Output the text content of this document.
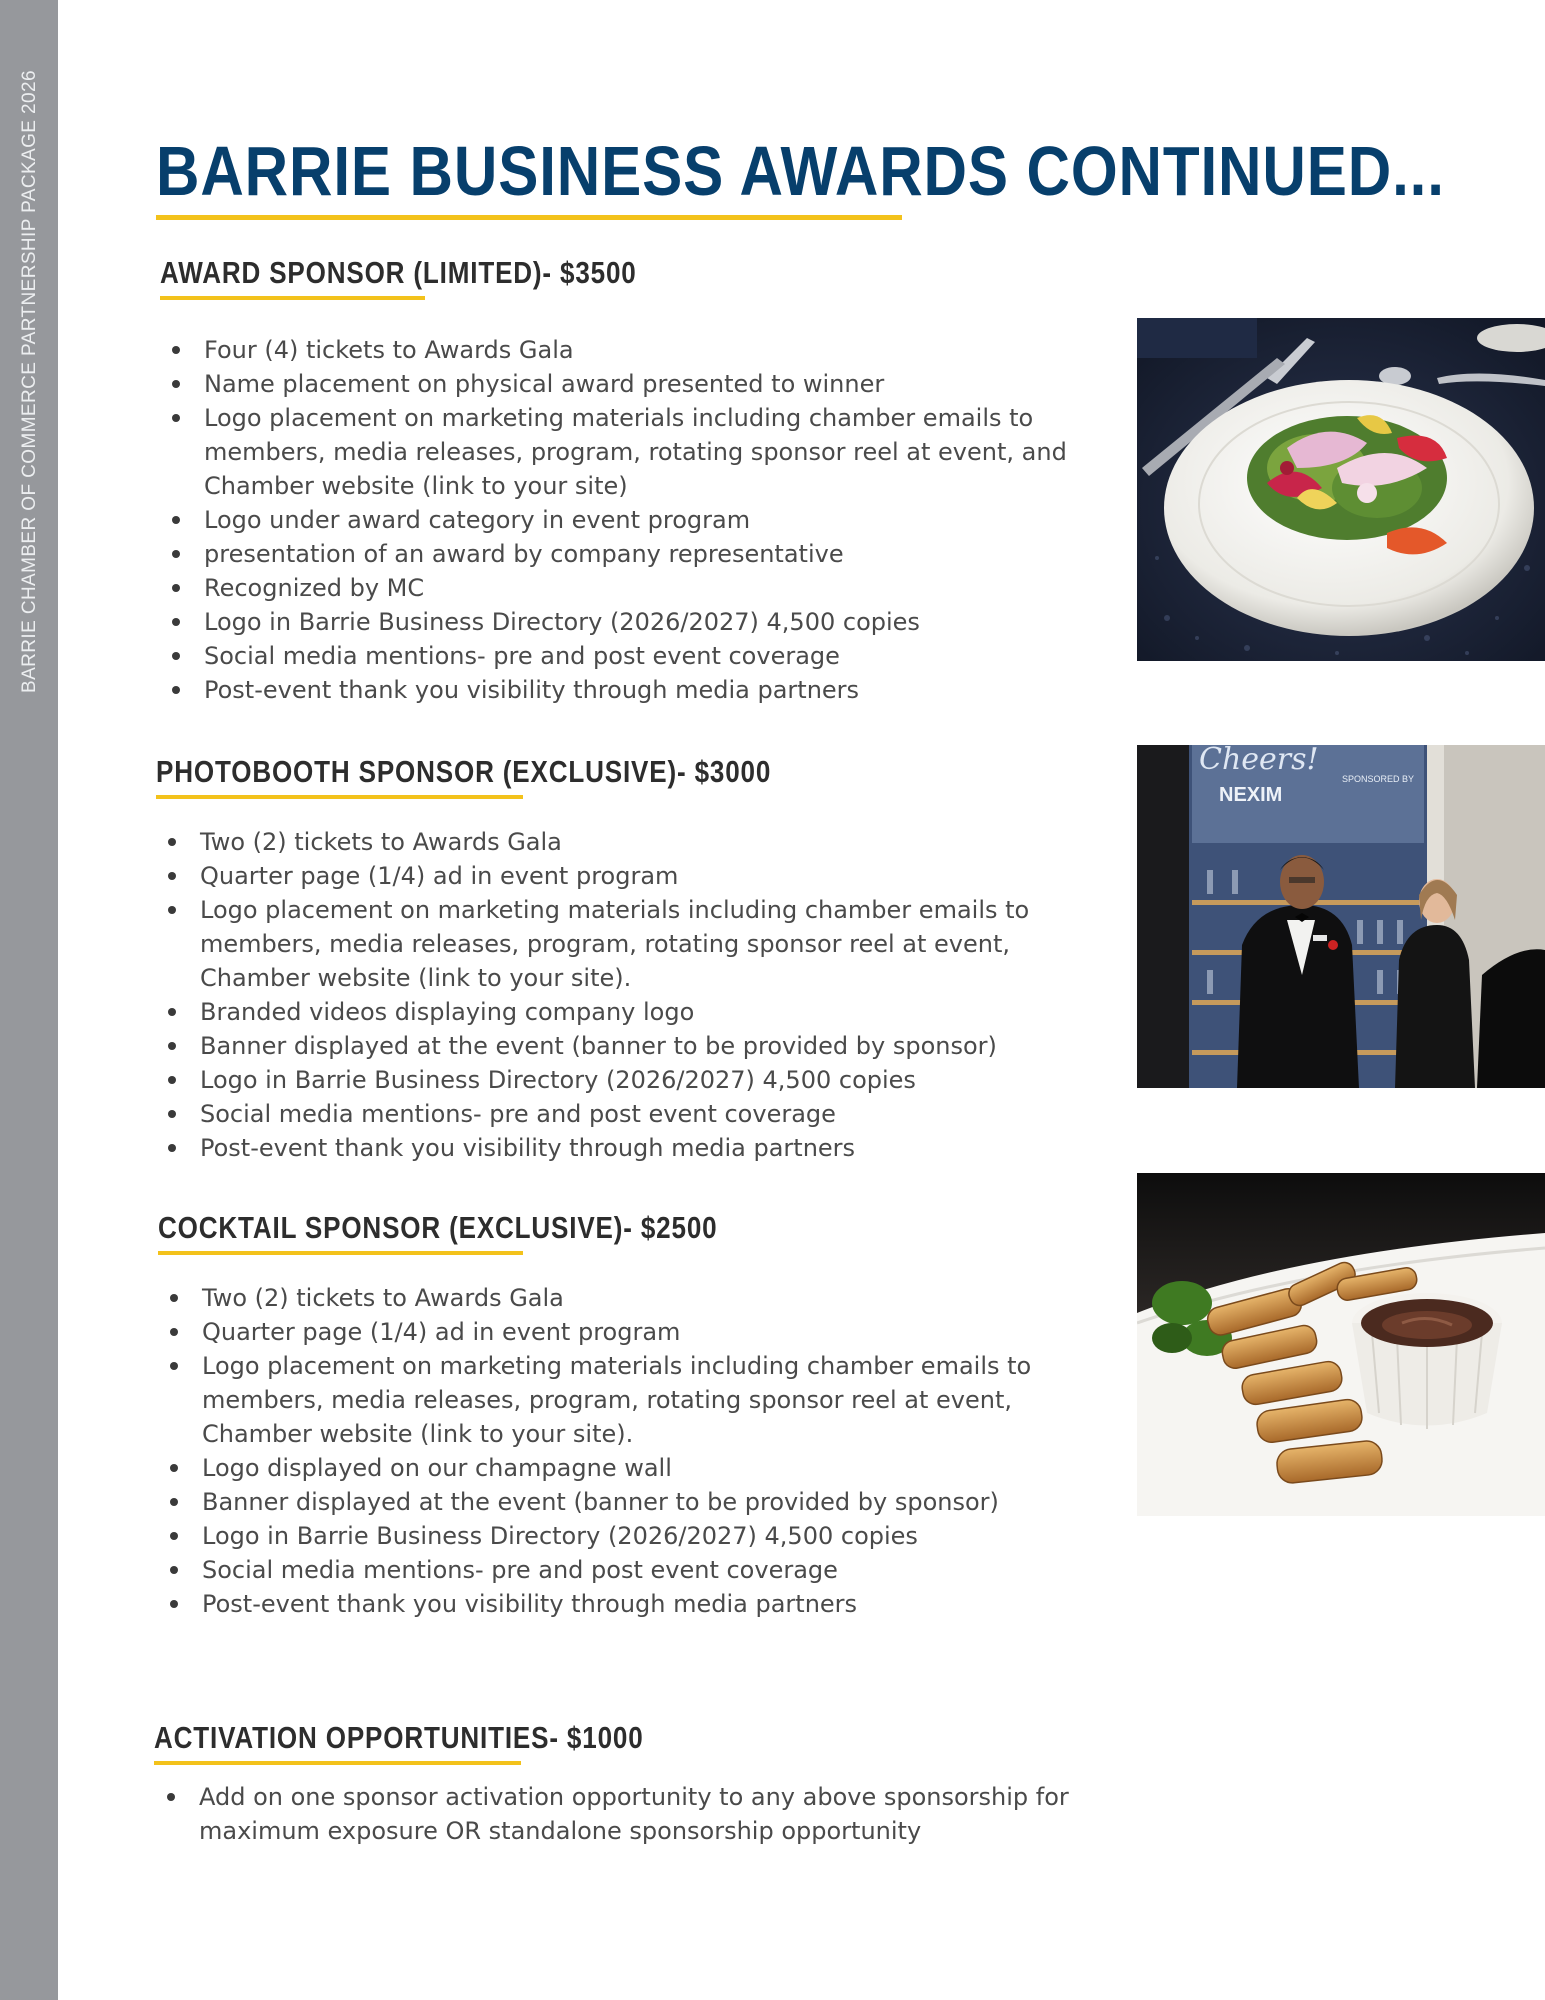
BARRIE CHAMBER OF COMMERCE PARTNERSHIP PACKAGE 2026 BARRIE BUSINESS AWARDS CONTINUED...
AWARD SPONSOR (LIMITED)- $3500
Four (4) tickets to Awards Gala
Name placement on physical award presented to winner
Logo placement on marketing materials including chamber emails to members, media releases, program, rotating sponsor reel at event, and Chamber website (link to your site)
Logo under award category in event program
presentation of an award by company representative
Recognized by MC
Logo in Barrie Business Directory (2026/2027) 4,500 copies
Social media mentions- pre and post event coverage
Post-event thank you visibility through media partners
PHOTOBOOTH SPONSOR (EXCLUSIVE)- $3000
Two (2) tickets to Awards Gala
Quarter page (1/4) ad in event program
Logo placement on marketing materials including chamber emails to members, media releases, program, rotating sponsor reel at event, Chamber website (link to your site).
Branded videos displaying company logo
Banner displayed at the event (banner to be provided by sponsor)
Logo in Barrie Business Directory (2026/2027) 4,500 copies
Social media mentions- pre and post event coverage
Post-event thank you visibility through media partners
COCKTAIL SPONSOR (EXCLUSIVE)- $2500
Two (2) tickets to Awards Gala
Quarter page (1/4) ad in event program
Logo placement on marketing materials including chamber emails to members, media releases, program, rotating sponsor reel at event, Chamber website (link to your site).
Logo displayed on our champagne wall
Banner displayed at the event (banner to be provided by sponsor)
Logo in Barrie Business Directory (2026/2027) 4,500 copies
Social media mentions- pre and post event coverage
Post-event thank you visibility through media partners
ACTIVATION OPPORTUNITIES- $1000
Add on one sponsor activation opportunity to any above sponsorship for maximum exposure OR standalone sponsorship opportunity
Cheers!
SPONSORED BY
NEXIM
